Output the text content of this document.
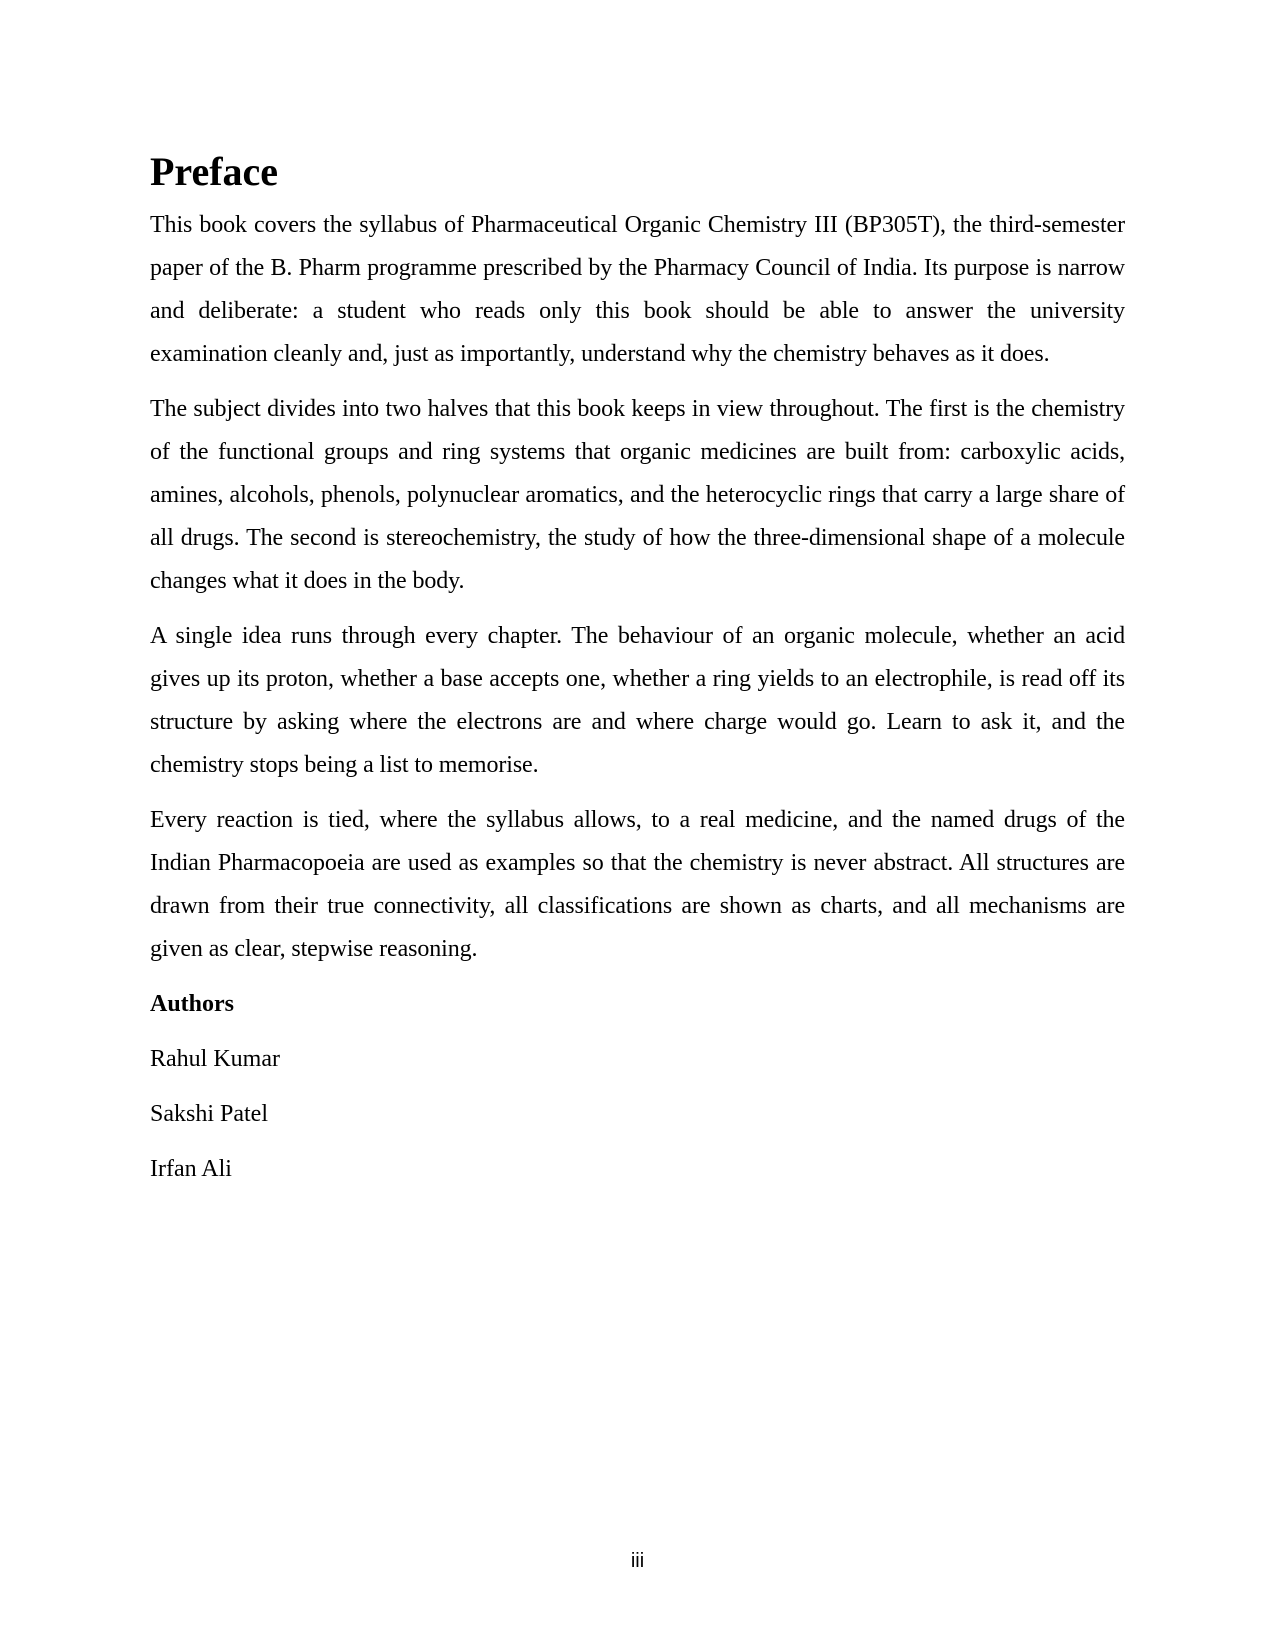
Preface

This book covers the syllabus of Pharmaceutical Organic Chemistry III (BP305T), the third-semester paper of the B. Pharm programme prescribed by the Pharmacy Council of India. Its purpose is narrow and deliberate: a student who reads only this book should be able to answer the university examination cleanly and, just as importantly, understand why the chemistry behaves as it does.

The subject divides into two halves that this book keeps in view throughout. The first is the chemistry of the functional groups and ring systems that organic medicines are built from: carboxylic acids, amines, alcohols, phenols, polynuclear aromatics, and the heterocyclic rings that carry a large share of all drugs. The second is stereochemistry, the study of how the three-dimensional shape of a molecule changes what it does in the body.

A single idea runs through every chapter. The behaviour of an organic molecule, whether an acid gives up its proton, whether a base accepts one, whether a ring yields to an electrophile, is read off its structure by asking where the electrons are and where charge would go. Learn to ask it, and the chemistry stops being a list to memorise.

Every reaction is tied, where the syllabus allows, to a real medicine, and the named drugs of the Indian Pharmacopoeia are used as examples so that the chemistry is never abstract. All structures are drawn from their true connectivity, all classifications are shown as charts, and all mechanisms are given as clear, stepwise reasoning.

Authors
Rahul Kumar
Sakshi Patel
Irfan Ali
iii
